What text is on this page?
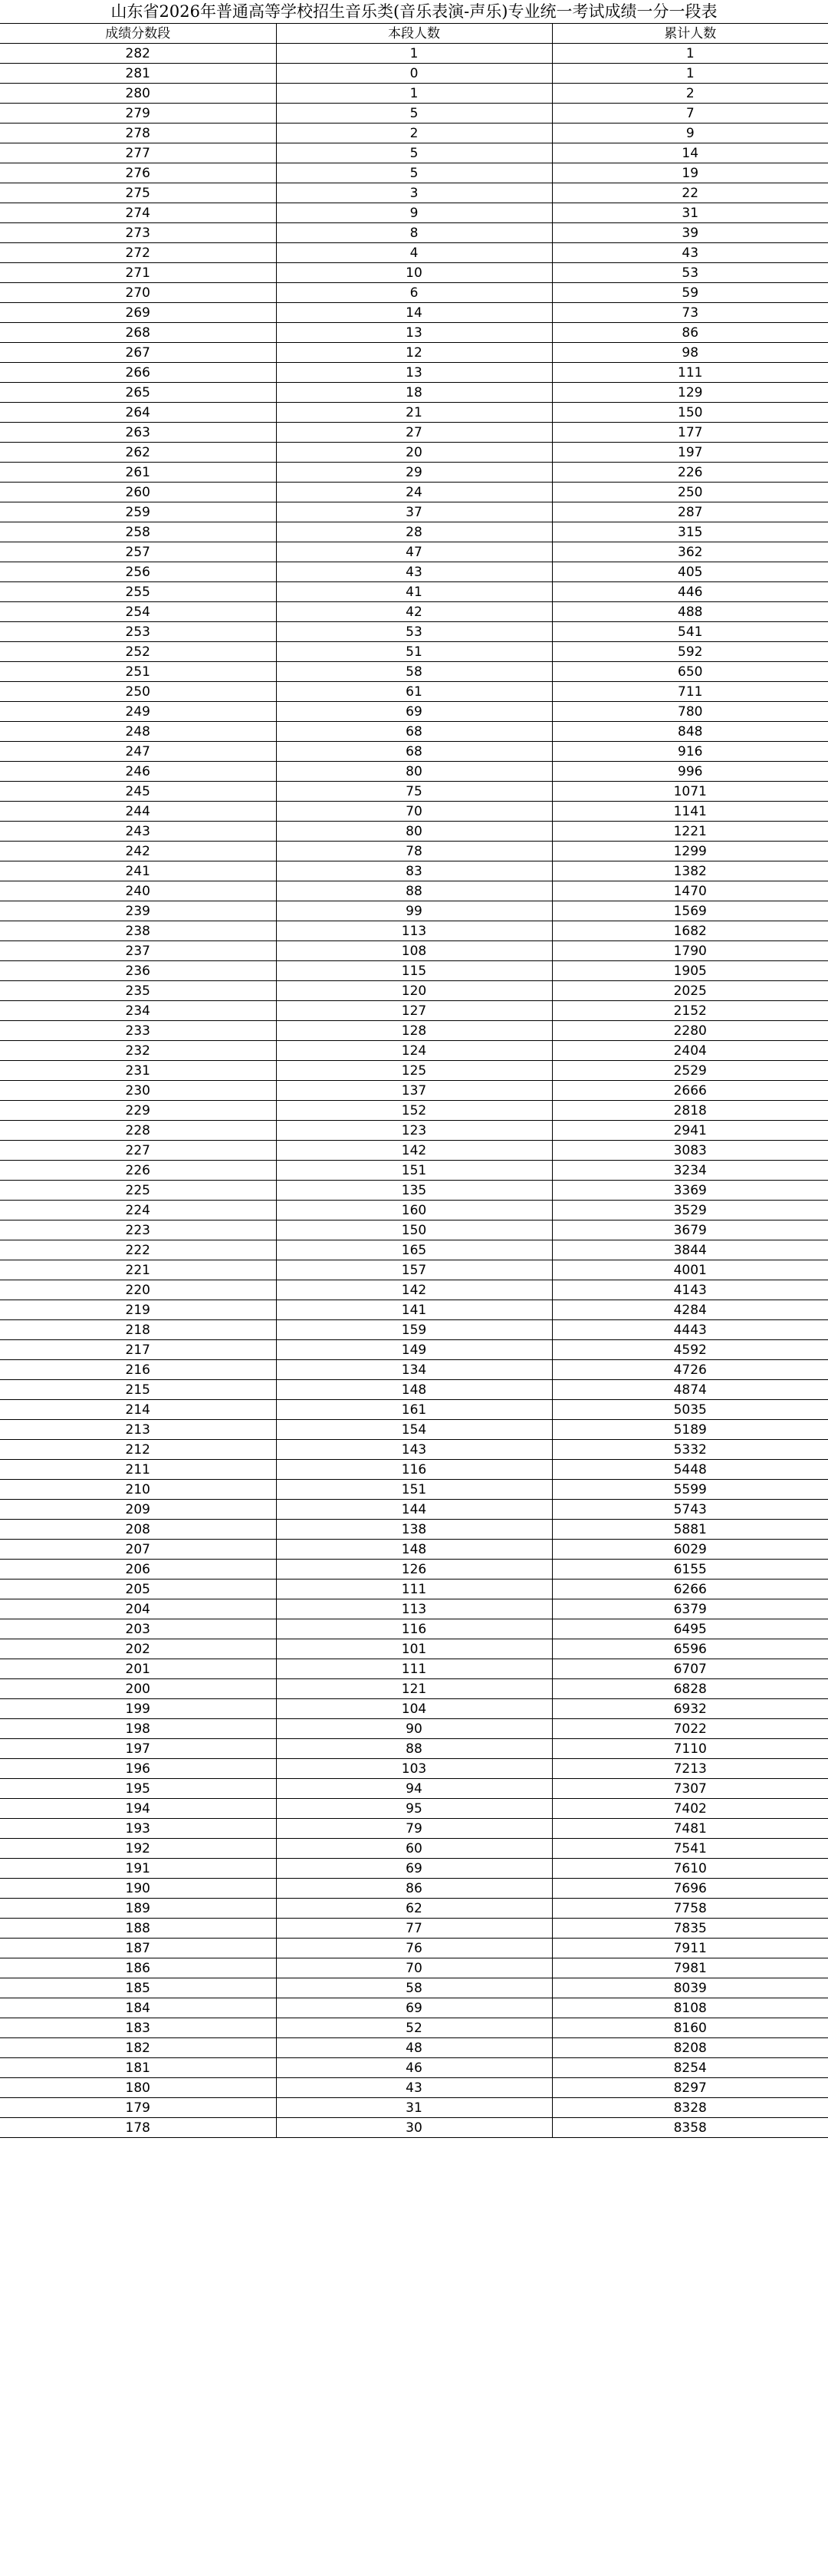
山东省2026年普通高等学校招生音乐类(音乐表演-声乐)专业统一考试成绩一分一段表
成绩分数段	本段人数	累计人数
282	1	1
281	0	1
280	1	2
279	5	7
278	2	9
277	5	14
276	5	19
275	3	22
274	9	31
273	8	39
272	4	43
271	10	53
270	6	59
269	14	73
268	13	86
267	12	98
266	13	111
265	18	129
264	21	150
263	27	177
262	20	197
261	29	226
260	24	250
259	37	287
258	28	315
257	47	362
256	43	405
255	41	446
254	42	488
253	53	541
252	51	592
251	58	650
250	61	711
249	69	780
248	68	848
247	68	916
246	80	996
245	75	1071
244	70	1141
243	80	1221
242	78	1299
241	83	1382
240	88	1470
239	99	1569
238	113	1682
237	108	1790
236	115	1905
235	120	2025
234	127	2152
233	128	2280
232	124	2404
231	125	2529
230	137	2666
229	152	2818
228	123	2941
227	142	3083
226	151	3234
225	135	3369
224	160	3529
223	150	3679
222	165	3844
221	157	4001
220	142	4143
219	141	4284
218	159	4443
217	149	4592
216	134	4726
215	148	4874
214	161	5035
213	154	5189
212	143	5332
211	116	5448
210	151	5599
209	144	5743
208	138	5881
207	148	6029
206	126	6155
205	111	6266
204	113	6379
203	116	6495
202	101	6596
201	111	6707
200	121	6828
199	104	6932
198	90	7022
197	88	7110
196	103	7213
195	94	7307
194	95	7402
193	79	7481
192	60	7541
191	69	7610
190	86	7696
189	62	7758
188	77	7835
187	76	7911
186	70	7981
185	58	8039
184	69	8108
183	52	8160
182	48	8208
181	46	8254
180	43	8297
179	31	8328
178	30	8358
